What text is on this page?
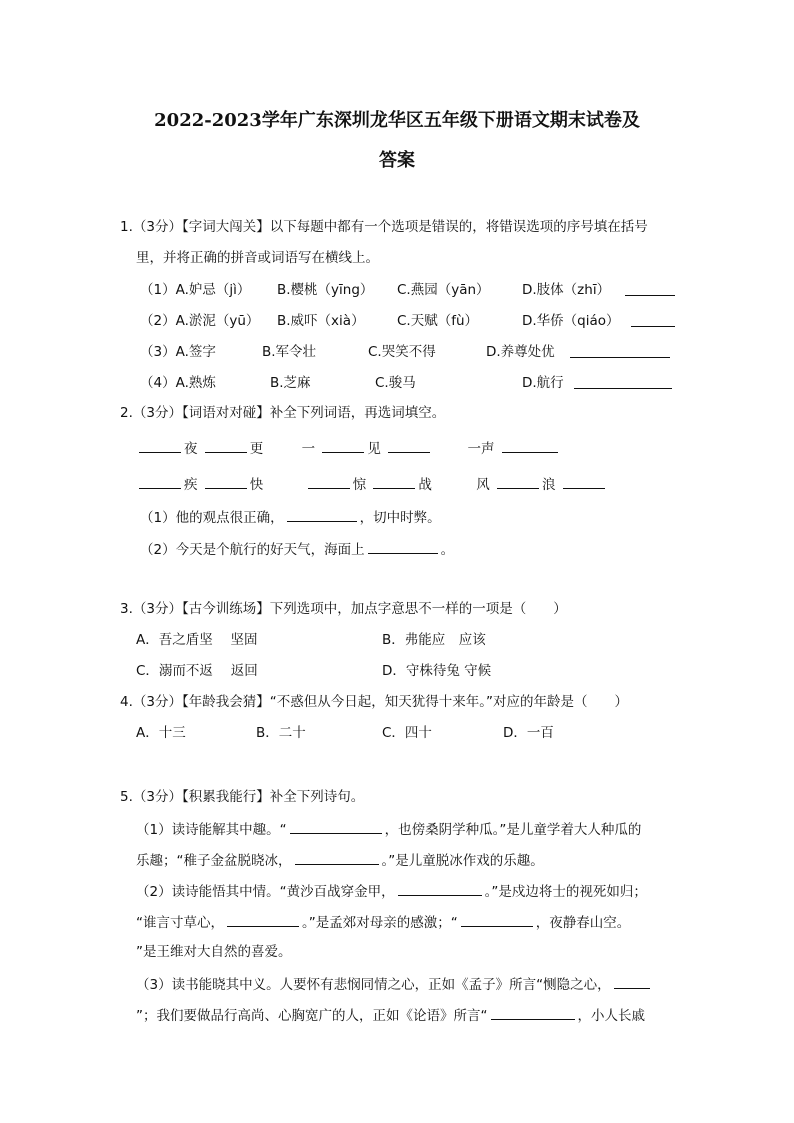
2022-2023学年广东深圳龙华区五年级下册语文期末试卷及
答案
1.（3分）【字词大闯关】以下每题中都有一个选项是错误的，将错误选项的序号填在括号
里，并将正确的拼音或词语写在横线上。
（1）A.妒忌（jì） B.樱桃（yīng） C.燕园（yān） D.肢体（zhī）
（2）A.淤泥（yū） B.威吓（xià） C.天赋（fù）	D.华侨（qiáo）
（3）A.签字	B.军令壮	C.哭笑不得	D.养尊处优
（4）A.熟炼	B.芝麻	C.骏马	D.航行
2.（3分）【词语对对碰】补全下列词语，再选词填空。
夜	更	一	见	一声
疾	快	惊	战	风	浪
（1）他的观点很正确，	，切中时弊。
（2）今天是个航行的好天气，海面上	。
3.（3分）【古今训练场】下列选项中，加点字意思不一样的一项是（　　）
A．吾之盾坚　 坚固	B．弗能应　应该
C．溺而不返　 返回	D．守株待兔 守候
4.（3分）【年龄我会猜】“不惑但从今日起，知天犹得十来年。”对应的年龄是（　　）
A．十三	B．二十	C．四十	D．一百
5.（3分）【积累我能行】补全下列诗句。
（1）读诗能解其中趣。“	，也傍桑阴学种瓜。”是儿童学着大人种瓜的
乐趣；“稚子金盆脱晓冰，	。”是儿童脱冰作戏的乐趣。
（2）读诗能悟其中情。“黄沙百战穿金甲，	。”是戍边将士的视死如归；
“谁言寸草心，	。”是孟郊对母亲的感激；“	，夜静春山空。
”是王维对大自然的喜爱。
（3）读书能晓其中义。人要怀有悲悯同情之心，正如《孟子》所言“恻隐之心，
”；我们要做品行高尚、心胸宽广的人，正如《论语》所言“	，小人长戚
